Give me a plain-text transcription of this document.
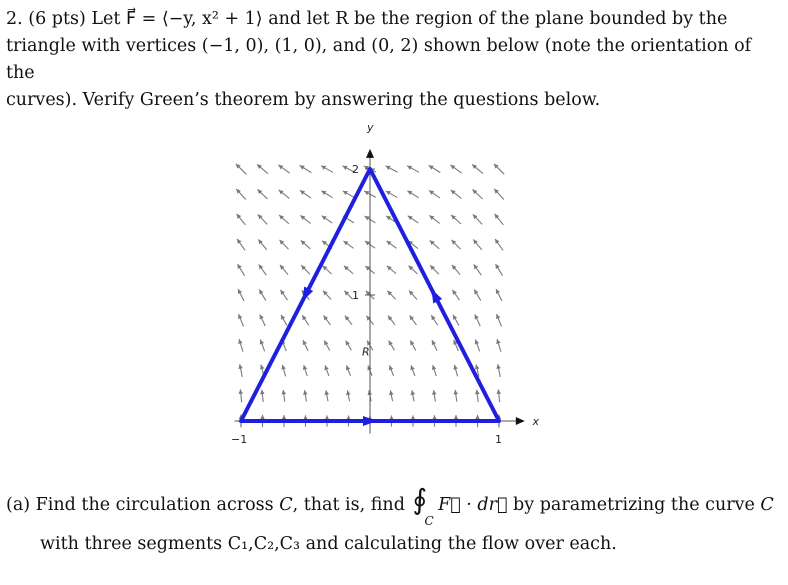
2. (6 pts) Let F⃗ = ⟨−y, x² + 1⟩ and let R be the region of the plane bounded by the

triangle with vertices (−1, 0), (1, 0), and (0, 2) shown below (note the orientation of the

curves). Verify Green’s theorem by answering the questions below.

x
y
−1	1
1
2
R
(a) Find the circulation across C, that is, find ∮
C
F⃗ · dr⃗ by parametrizing the curve C
with three segments C₁,C₂,C₃ and calculating the flow over each.
